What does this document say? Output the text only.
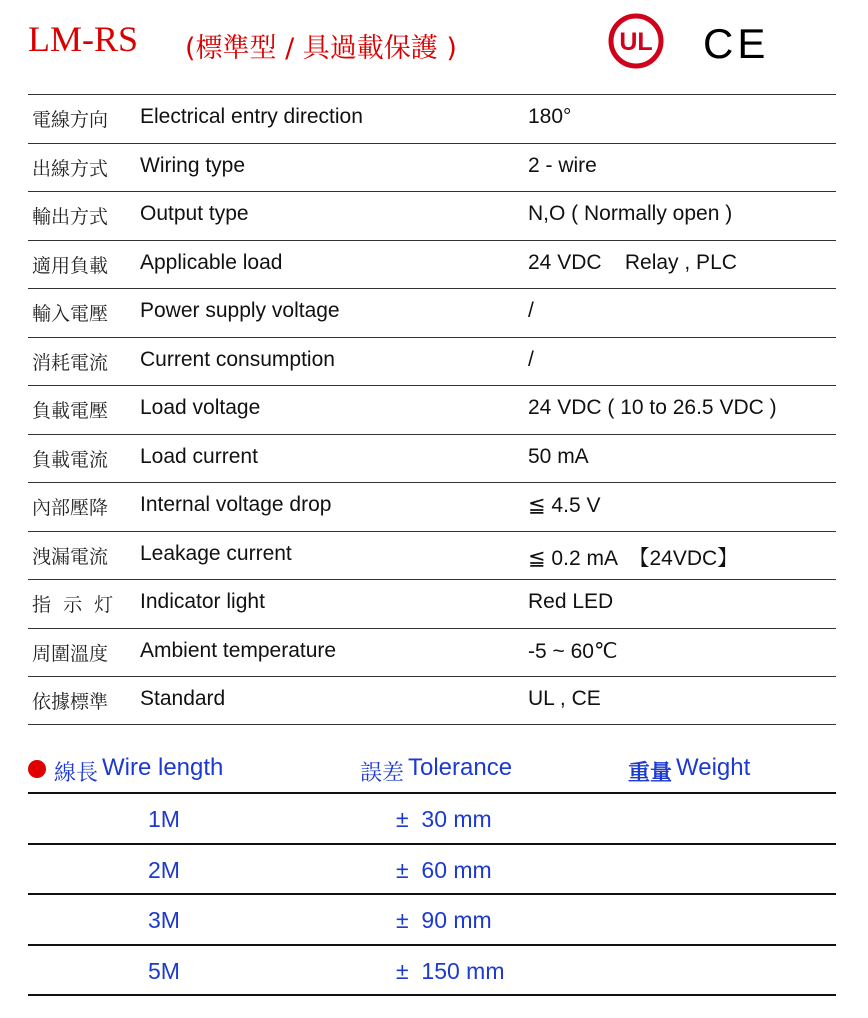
LM-RS (標準型 / 具過載保護 )	UL CE
電線方向 Electrical entry direction	180°
出線方式 Wiring type	2 - wire
輸出方式 Output type	N,O ( Normally open )
適用負載 Applicable load	24 VDC    Relay , PLC
輸入電壓 Power supply voltage	/
消耗電流 Current consumption	/
負載電壓 Load voltage	24 VDC ( 10 to 26.5 VDC )
負載電流 Load current	50 mA
內部壓降 Internal voltage drop	≦ 4.5 V
洩漏電流 Leakage current	≦ 0.2 mA  【24VDC】
指  示  灯 Indicator light	Red LED
周圍溫度 Ambient temperature	-5 ~ 60℃
依據標準 Standard	UL , CE
線長 Wire length	誤差 Tolerance	重量 Weight
1M	±  30 mm
2M	±  60 mm
3M	±  90 mm
5M	±  150 mm
